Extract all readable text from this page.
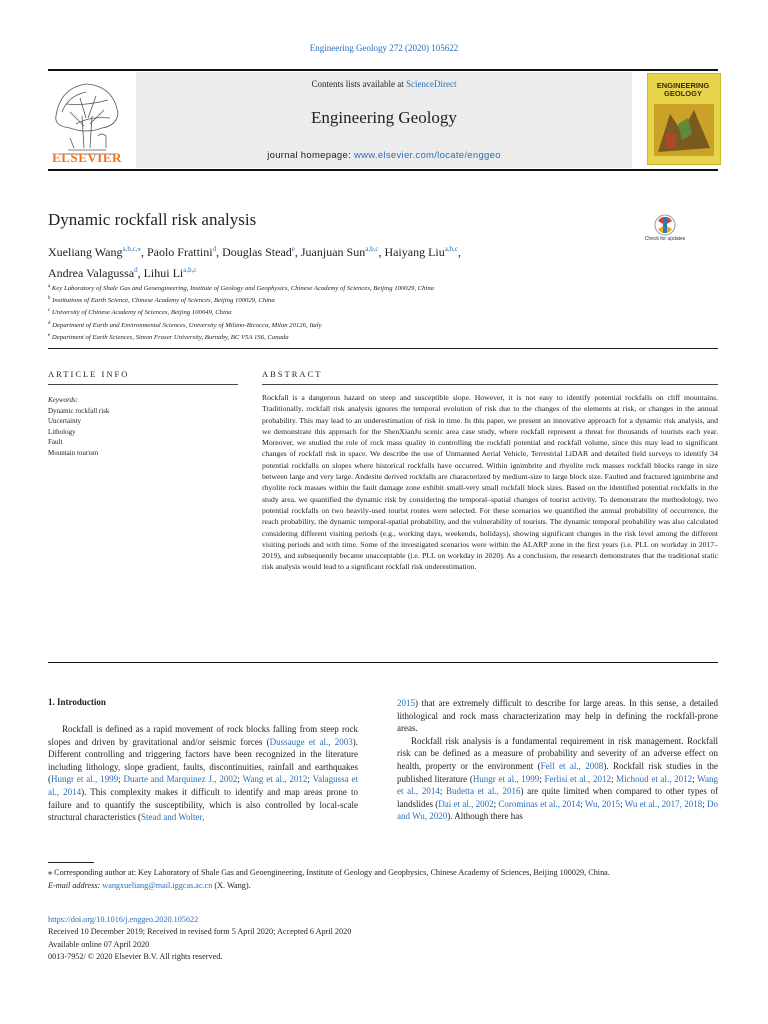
Engineering Geology 272 (2020) 105622
ELSEVIER
Contents lists available at ScienceDirect
Engineering Geology
journal homepage: www.elsevier.com/locate/enggeo
ENGINEERING
GEOLOGY
Dynamic rockfall risk analysis
Xueliang Wang$^{a,b,c,⁎}$, Paolo Frattini$^d$, Douglas Stead$^e$, Juanjuan Sun$^{a,b,c}$, Haiyang Liu$^{a,b,c}$,
Andrea Valagussa$^d$, Lihui Li$^{a,b,c}$
Check for updates
$^a$ Key Laboratory of Shale Gas and Geoengineering, Institute of Geology and Geophysics, Chinese Academy of Sciences, Beijing 100029, China
$^b$ Institutions of Earth Science, Chinese Academy of Sciences, Beijing 100029, China
$^c$ University of Chinese Academy of Sciences, Beijing 100049, China
$^d$ Department of Earth and Environmental Sciences, University of Milano-Bicocca, Milan 20126, Italy
$^e$ Department of Earth Sciences, Simon Fraser University, Burnaby, BC V5A 1S6, Canada
ARTICLE INFO	ABSTRACT
Keywords:
Dynamic rockfall risk
Uncertainty
Lithology
Fault
Mountain tourism

Rockfall is a dangerous hazard on steep and susceptible slope. However, it is not easy to identify potential rockfalls on cliff mountains. Traditionally, rockfall risk analysis ignores the temporal evolution of risk due to the changes of the elements at risk, or changes in the annual probability. This may lead to an underestimation of risk in time. In this paper, we present an innovative approach for a dynamic risk analysis, and we demonstrate this approach for the ShenXianJu scenic area case study, where rockfall represent a threat for thousands of tourists each year. Moreover, we studied the role of rock mass quality in controlling the rockfall potential and rockfall volume, since this may lead to significant changes of rockfall risk in space. We describe the use of Unmanned Aerial Vehicle, Terrestrial LiDAR and detailed field surveys to identify 34 potential rockfalls on slopes where historical rockfalls have occurred. Within ignimbrite and rhyolite rock masses rockfall blocks range in size between large and very large. Andesite derived rockfalls are characterized by medium-size to large block size. Faulted and fractured ignimbrite and rhyolite rock masses within the fault damage zone exhibit small-very small rockfall block sizes. Based on the identified potential rockfalls in the study area, we quantified the dynamic risk by considering the temporal–spatial changes of tourist activity. To demonstrate the methodology, two potential rockfalls on two heavily-used tourist routes were selected. For these scenarios we quantified the annual probability of occurrence, the reach probability, the dynamic temporal-spatial probability, and the vulnerability of tourists. The dynamic temporal probability was also calculated considering different visiting periods (e.g., working days, weekends, holidays), showing significant changes in the risk level among the different visiting periods and with time. Some of the investigated scenarios were within the ALARP zone in the first years (i.e. PLL on workday in 2017–2019), and subsequently became unacceptable (i.e. PLL on workday in 2020). As a conclusion, the research demonstrates that the traditional static risk analysis would lead to a significant rockfall risk underestimation.

1. Introduction

Rockfall is defined as a rapid movement of rock blocks falling from steep rock slopes and driven by gravitational and/or seismic forces (Dussauge et al., 2003). Different controlling and triggering factors have been recognized in the literature including lithology, slope gradient, faults, discontinuities, rainfall and earthquakes (Hungr et al., 1999; Duarte and Marquinez J., 2002; Wang et al., 2012; Valagussa et al., 2014). This complexity makes it difficult to identify and map areas prone to failure and to quantify the susceptibility, which is also controlled by local-scale structural characteristics (Stead and Wolter,

2015) that are extremely difficult to describe for large areas. In this sense, a detailed lithological and rock mass characterization may help in defining the rockfall-prone areas.

Rockfall risk analysis is a fundamental requirement in risk management. Rockfall risk can be defined as a measure of probability and severity of an adverse effect on health, property or the environment (Fell et al., 2008). Rockfall risk studies in the published literature (Hungr et al., 1999; Ferlisi et al., 2012; Michoud et al., 2012; Wang et al., 2014; Budetta et al., 2016) are quite limited when compared to other types of landslides (Dai et al., 2002; Corominas et al., 2014; Wu, 2015; Wu et al., 2017, 2018; Do and Wu, 2020). Although there has

⁎ Corresponding author at: Key Laboratory of Shale Gas and Geoengineering, Institute of Geology and Geophysics, Chinese Academy of Sciences, Beijing 100029, China.

E-mail address: wangxueliang@mail.iggcas.ac.cn (X. Wang).

https://doi.org/10.1016/j.enggeo.2020.105622

Received 10 December 2019; Received in revised form 5 April 2020; Accepted 6 April 2020

Available online 07 April 2020

0013-7952/ © 2020 Elsevier B.V. All rights reserved.
